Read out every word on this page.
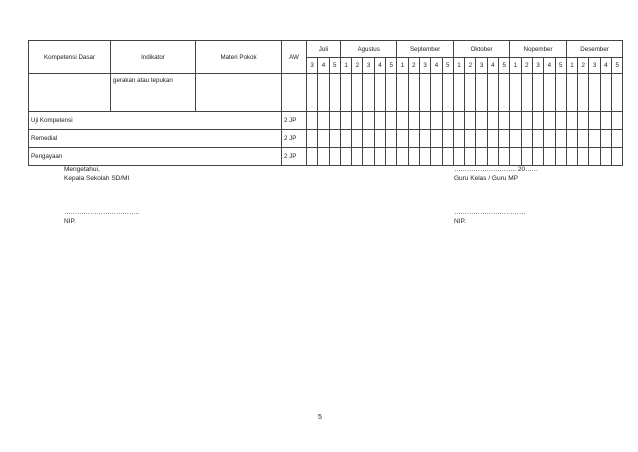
Kompetensi Dasar	Indikator	Materi Pokok	AW	Juli			Agustus					September					Oktober					Nopember					Desember				
				3	4	5	1	2	3	4	5	1	2	3	4	5	1	2	3	4	5	1	2	3	4	5	1	2	3	4	5
	gerakan atau tepukan																														
Uji Kompetensi			2 JP																												
Remedial			2 JP																												
Pengayaan			2 JP																												
Mengetahui,
Kepala Sekolah SD/MI
……………………………..
NIP.
……………………….. 20……
Guru Kelas / Guru MP
……………………………
NIP.
5
